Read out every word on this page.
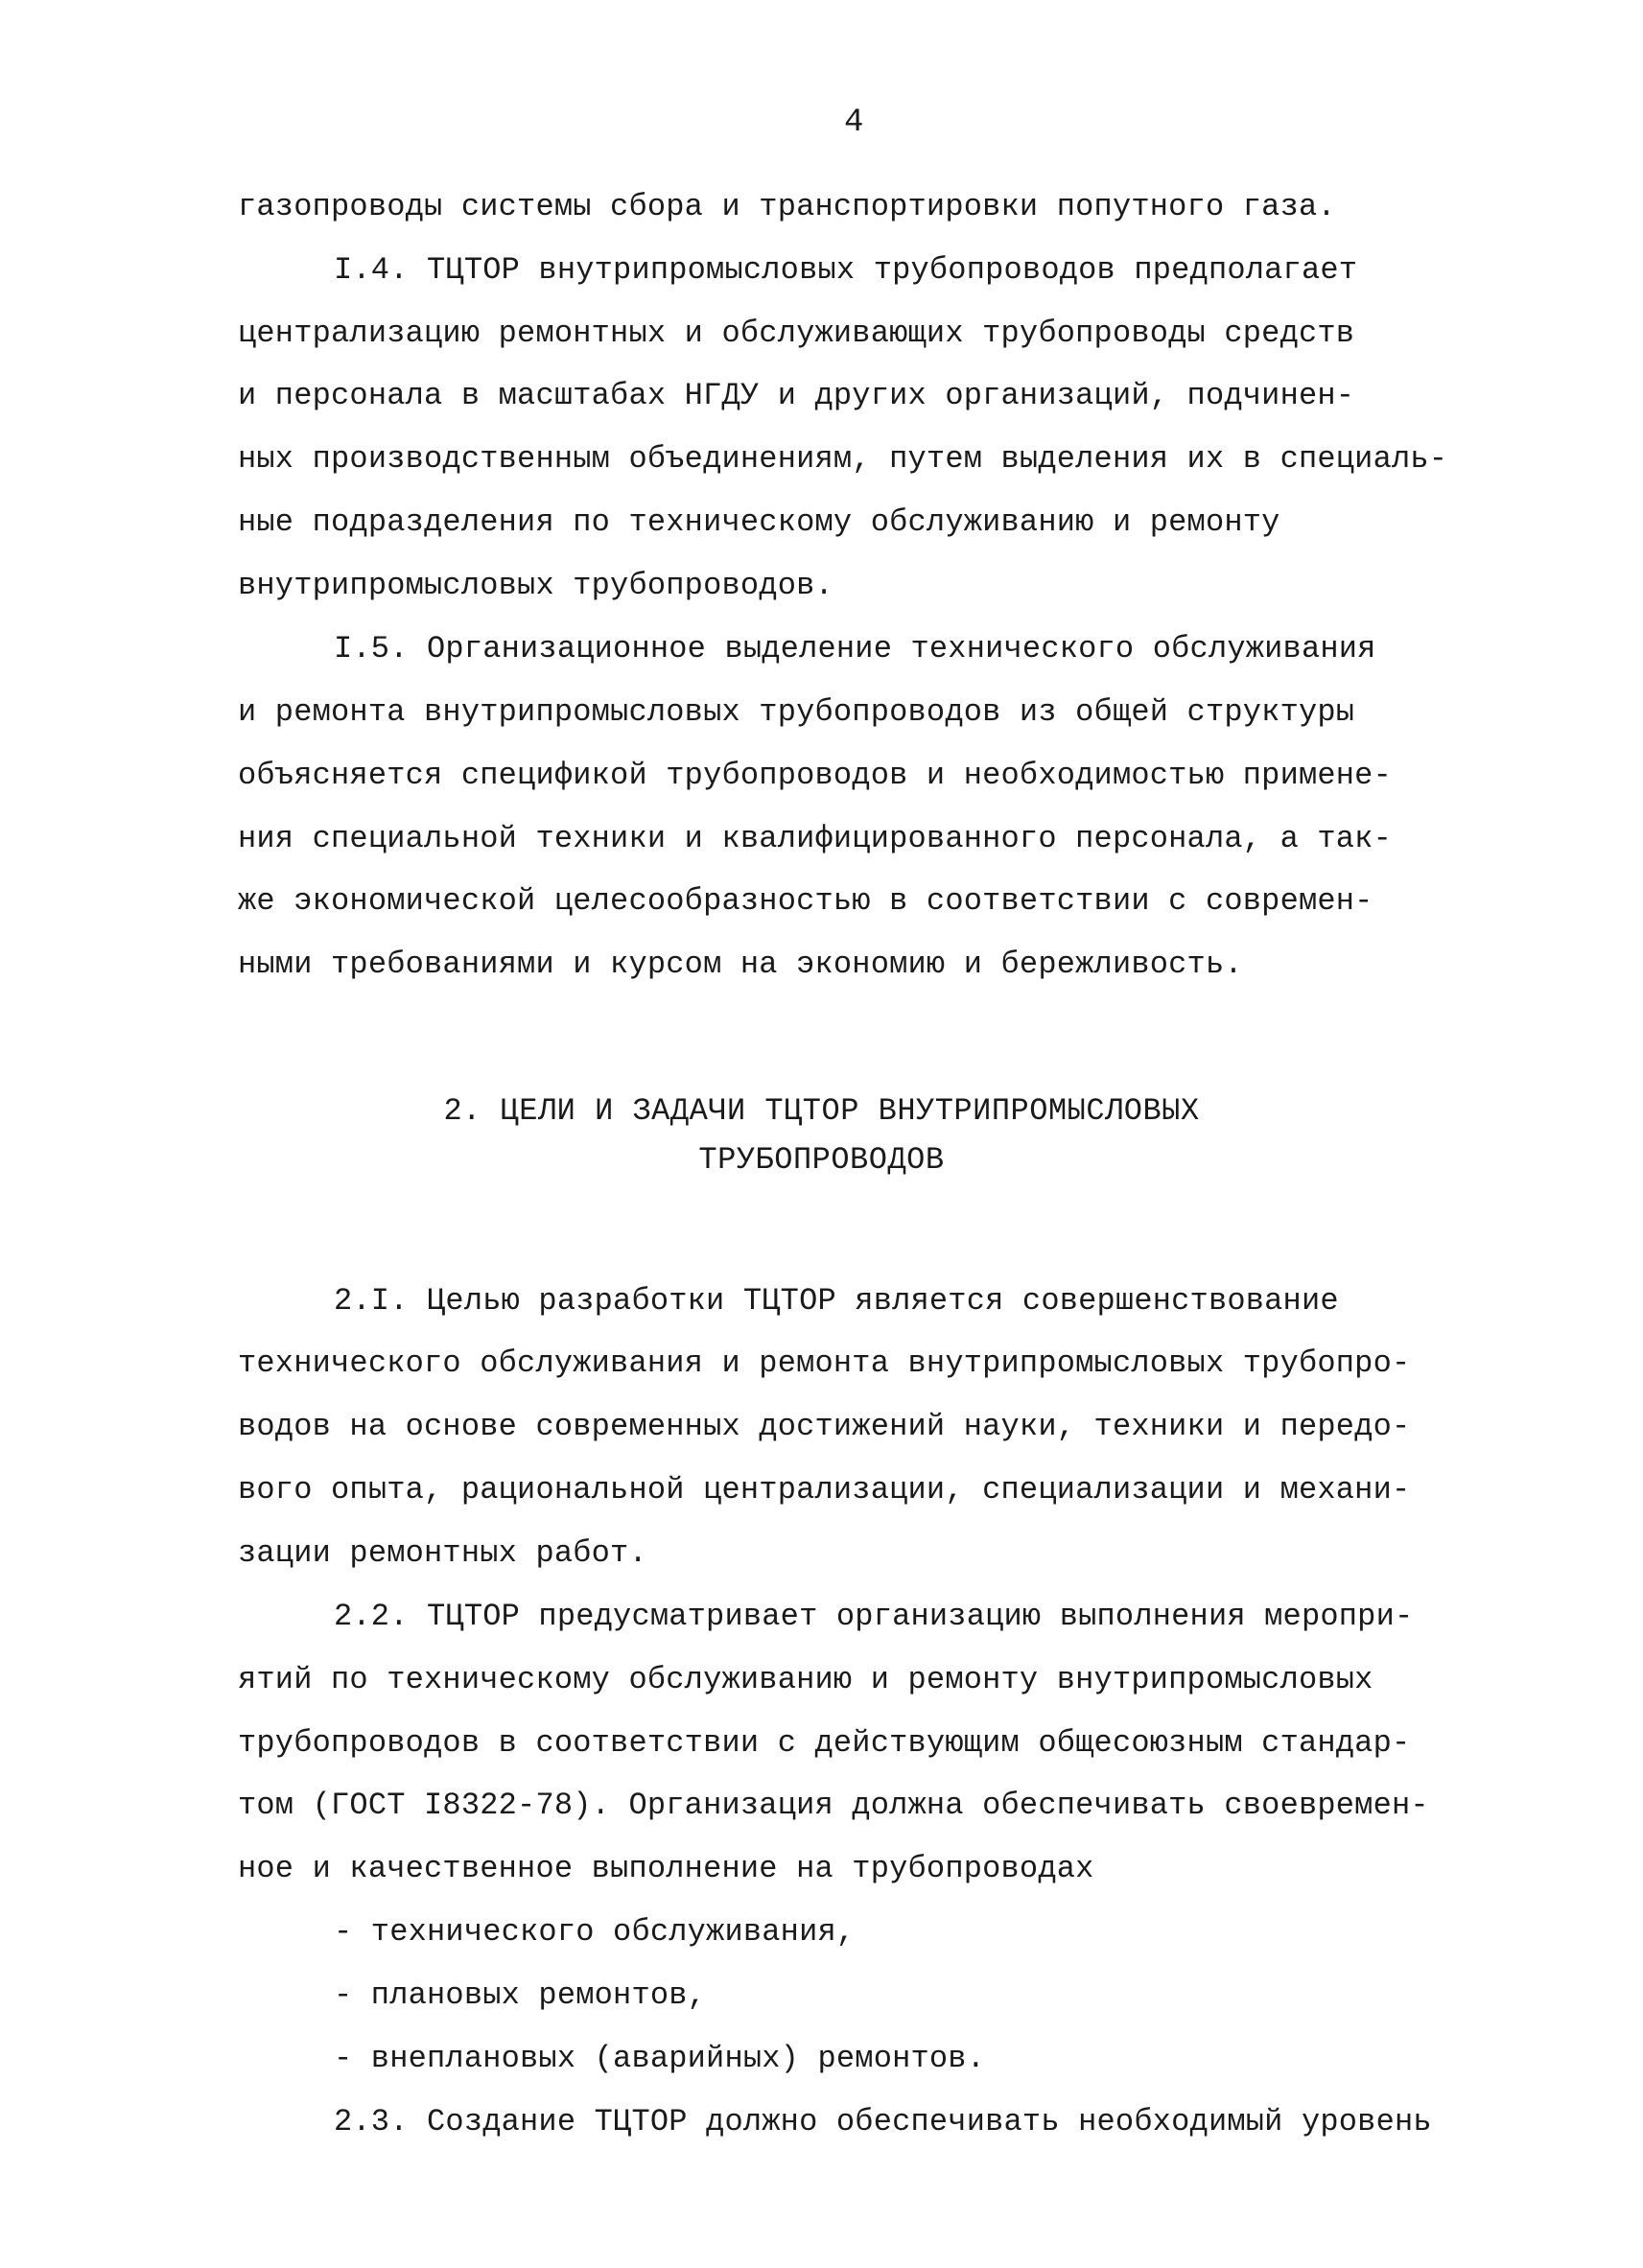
4
газопроводы системы сбора и транспортировки попутного газа.
I.4. ТЦТОР внутрипромысловых трубопроводов предполагает
централизацию ремонтных и обслуживающих трубопроводы средств
и персонала в масштабах НГДУ и других организаций, подчинен-
ных производственным объединениям, путем выделения их в специаль-
ные подразделения по техническому обслуживанию и ремонту
внутрипромысловых трубопроводов.
I.5. Организационное выделение технического обслуживания
и ремонта внутрипромысловых трубопроводов из общей структуры
объясняется спецификой трубопроводов и необходимостью примене-
ния специальной техники и квалифицированного персонала, а так-
же экономической целесообразностью в соответствии с современ-
ными требованиями и курсом на экономию и бережливость.
2. ЦЕЛИ И ЗАДАЧИ ТЦТОР ВНУТРИПРОМЫСЛОВЫХ
ТРУБОПРОВОДОВ
2.I. Целью разработки ТЦТОР является совершенствование
технического обслуживания и ремонта внутрипромысловых трубопро-
водов на основе современных достижений науки, техники и передо-
вого опыта, рациональной централизации, специализации и механи-
зации ремонтных работ.
2.2. ТЦТОР предусматривает организацию выполнения меропри-
ятий по техническому обслуживанию и ремонту внутрипромысловых
трубопроводов в соответствии с действующим общесоюзным стандар-
том (ГОСТ I8322-78). Организация должна обеспечивать своевремен-
ное и качественное выполнение на трубопроводах
- технического обслуживания,
- плановых ремонтов,
- внеплановых (аварийных) ремонтов.
2.3. Создание ТЦТОР должно обеспечивать необходимый уровень
